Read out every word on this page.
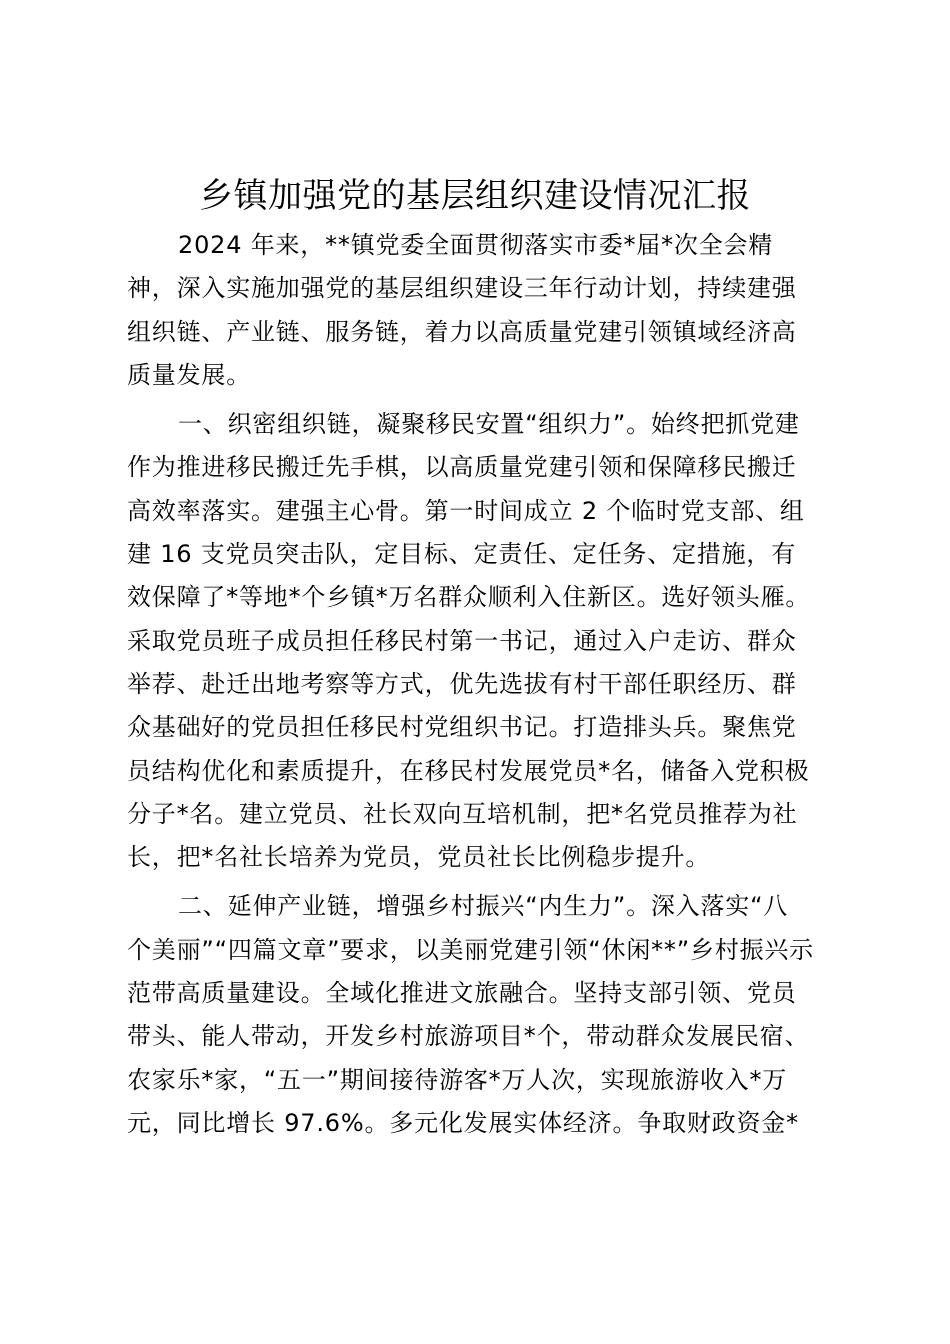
乡镇加强党的基层组织建设情况汇报
2024 年来，**镇党委全面贯彻落实市委*届*次全会精
神，深入实施加强党的基层组织建设三年行动计划，持续建强
组织链、产业链、服务链，着力以高质量党建引领镇域经济高
质量发展。
一、织密组织链，凝聚移民安置“组织力”。始终把抓党建
作为推进移民搬迁先手棋，以高质量党建引领和保障移民搬迁
高效率落实。建强主心骨。第一时间成立 2 个临时党支部、组
建 16 支党员突击队，定目标、定责任、定任务、定措施，有
效保障了*等地*个乡镇*万名群众顺利入住新区。选好领头雁。
采取党员班子成员担任移民村第一书记，通过入户走访、群众
举荐、赴迁出地考察等方式，优先选拔有村干部任职经历、群
众基础好的党员担任移民村党组织书记。打造排头兵。聚焦党
员结构优化和素质提升，在移民村发展党员*名，储备入党积极
分子*名。建立党员、社长双向互培机制，把*名党员推荐为社
长，把*名社长培养为党员，党员社长比例稳步提升。
二、延伸产业链，增强乡村振兴“内生力”。深入落实“八
个美丽”“四篇文章”要求，以美丽党建引领“休闲**”乡村振兴示
范带高质量建设。全域化推进文旅融合。坚持支部引领、党员
带头、能人带动，开发乡村旅游项目*个，带动群众发展民宿、
农家乐*家，“五一”期间接待游客*万人次，实现旅游收入*万
元，同比增长 97.6%。多元化发展实体经济。争取财政资金*
